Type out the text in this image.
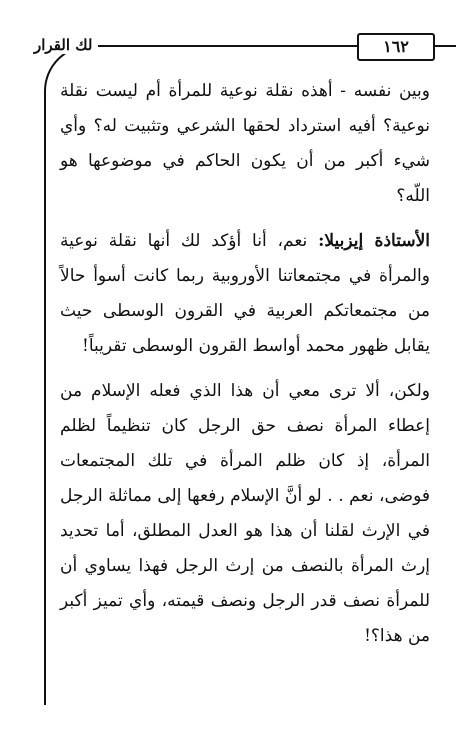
لك القرار	١٦٢

وبين نفسه - أهذه نقلة نوعية للمرأة أم ليست نقلة نوعية؟ أفيه استرداد لحقها الشرعي وتثبيت له؟ وأي شيء أكبر من أن يكون الحاكم في موضوعها هو اللّه؟

الأستاذة إيزبيلا: نعم، أنا أؤكد لك أنها نقلة نوعية والمرأة في مجتمعاتنا الأوروبية ربما كانت أسوأ حالاً من مجتمعاتكم العربية في القرون الوسطى حيث يقابل ظهور محمد أواسط القرون الوسطى تقريباً!

ولكن، ألا ترى معي أن هذا الذي فعله الإسلام من إعطاء المرأة نصف حق الرجل كان تنظيماً لظلم المرأة، إذ كان ظلم المرأة في تلك المجتمعات فوضى، نعم . . لو أنَّ الإسلام رفعها إلى مماثلة الرجل في الإرث لقلنا أن هذا هو العدل المطلق، أما تحديد إرث المرأة بالنصف من إرث الرجل فهذا يساوي أن للمرأة نصف قدر الرجل ونصف قيمته، وأي تميز أكبر من هذا؟!
